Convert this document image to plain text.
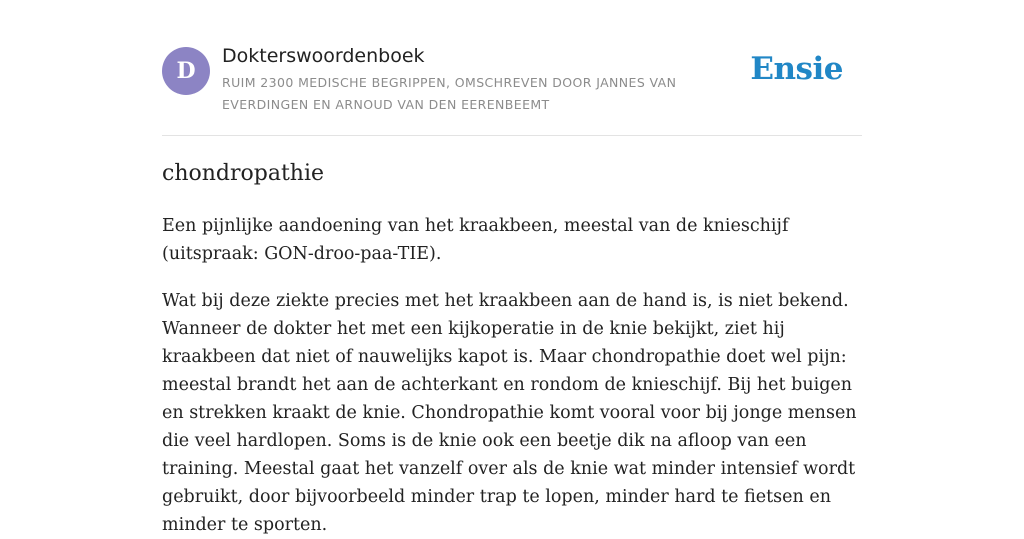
D
Dokterswoordenboek
RUIM 2300 MEDISCHE BEGRIPPEN, OMSCHREVEN DOOR JANNES VAN EVERDINGEN EN ARNOUD VAN DEN EERENBEEMT
Ensie
chondropathie

Een pijnlijke aandoening van het kraakbeen, meestal van de knieschijf (uitspraak: GON-droo-paa-TIE).

Wat bij deze ziekte precies met het kraakbeen aan de hand is, is niet bekend. Wanneer de dokter het met een kijkoperatie in de knie bekijkt, ziet hij kraakbeen dat niet of nauwelijks kapot is. Maar chondropathie doet wel pijn: meestal brandt het aan de achterkant en rondom de knieschijf. Bij het buigen en strekken kraakt de knie. Chondropathie komt vooral voor bij jonge mensen die veel hardlopen. Soms is de knie ook een beetje dik na afloop van een training. Meestal gaat het vanzelf over als de knie wat minder intensief wordt gebruikt, door bijvoorbeeld minder trap te lopen, minder hard te fietsen en minder te sporten.
